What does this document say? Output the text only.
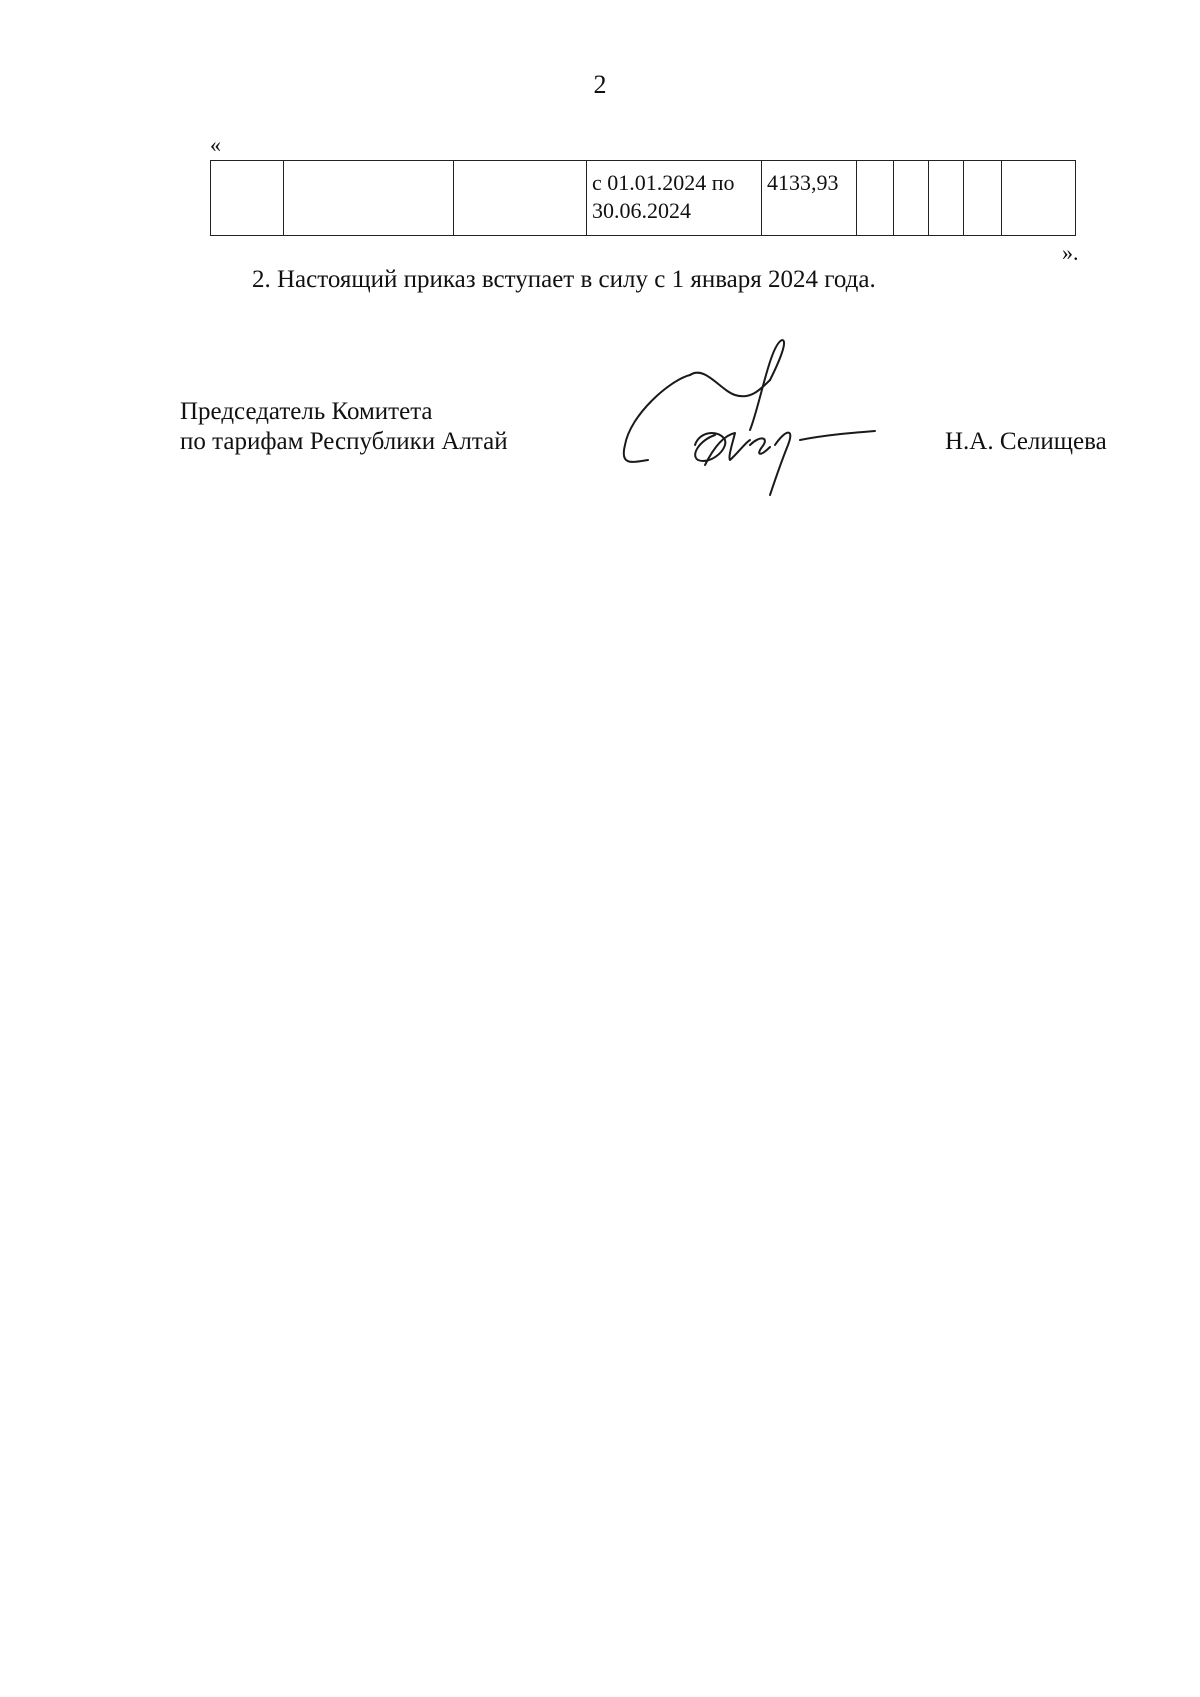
2
«
			с 01.01.2024 по 30.06.2024	4133,93					
».
2. Настоящий приказ вступает в силу с 1 января 2024 года.
Председатель Комитета
по тарифам Республики Алтай	Н.А. Селищева
